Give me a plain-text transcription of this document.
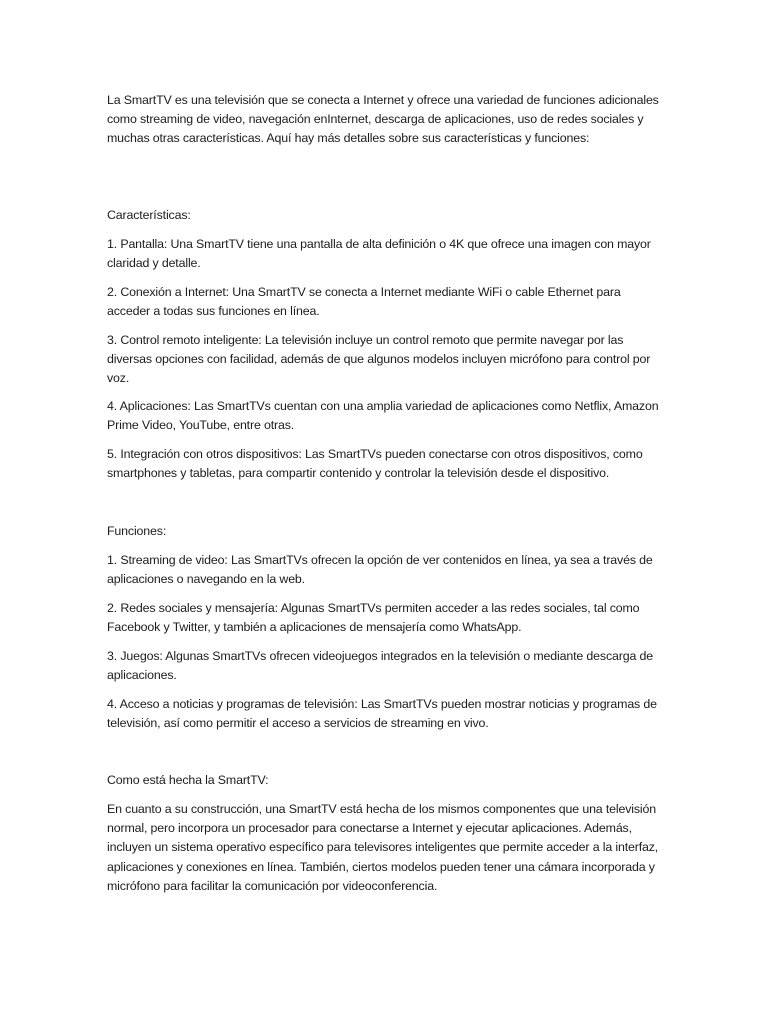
La SmartTV es una televisión que se conecta a Internet y ofrece una variedad de funciones adicionales como streaming de video, navegación enInternet, descarga de aplicaciones, uso de redes sociales y muchas otras características. Aquí hay más detalles sobre sus características y funciones:

Características:

1. Pantalla: Una SmartTV tiene una pantalla de alta definición o 4K que ofrece una imagen con mayor claridad y detalle.

2. Conexión a Internet: Una SmartTV se conecta a Internet mediante WiFi o cable Ethernet para acceder a todas sus funciones en línea.

3. Control remoto inteligente: La televisión incluye un control remoto que permite navegar por las diversas opciones con facilidad, además de que algunos modelos incluyen micrófono para control por voz.

4. Aplicaciones: Las SmartTVs cuentan con una amplia variedad de aplicaciones como Netflix, Amazon Prime Video, YouTube, entre otras.

5. Integración con otros dispositivos: Las SmartTVs pueden conectarse con otros dispositivos, como smartphones y tabletas, para compartir contenido y controlar la televisión desde el dispositivo.

Funciones:

1. Streaming de video: Las SmartTVs ofrecen la opción de ver contenidos en línea, ya sea a través de aplicaciones o navegando en la web.

2. Redes sociales y mensajería: Algunas SmartTVs permiten acceder a las redes sociales, tal como Facebook y Twitter, y también a aplicaciones de mensajería como WhatsApp.

3. Juegos: Algunas SmartTVs ofrecen videojuegos integrados en la televisión o mediante descarga de aplicaciones.

4. Acceso a noticias y programas de televisión: Las SmartTVs pueden mostrar noticias y programas de televisión, así como permitir el acceso a servicios de streaming en vivo.

Como está hecha la SmartTV:

En cuanto a su construcción, una SmartTV está hecha de los mismos componentes que una televisión normal, pero incorpora un procesador para conectarse a Internet y ejecutar aplicaciones. Además, incluyen un sistema operativo específico para televisores inteligentes que permite acceder a la interfaz, aplicaciones y conexiones en línea. También, ciertos modelos pueden tener una cámara incorporada y micrófono para facilitar la comunicación por videoconferencia.
